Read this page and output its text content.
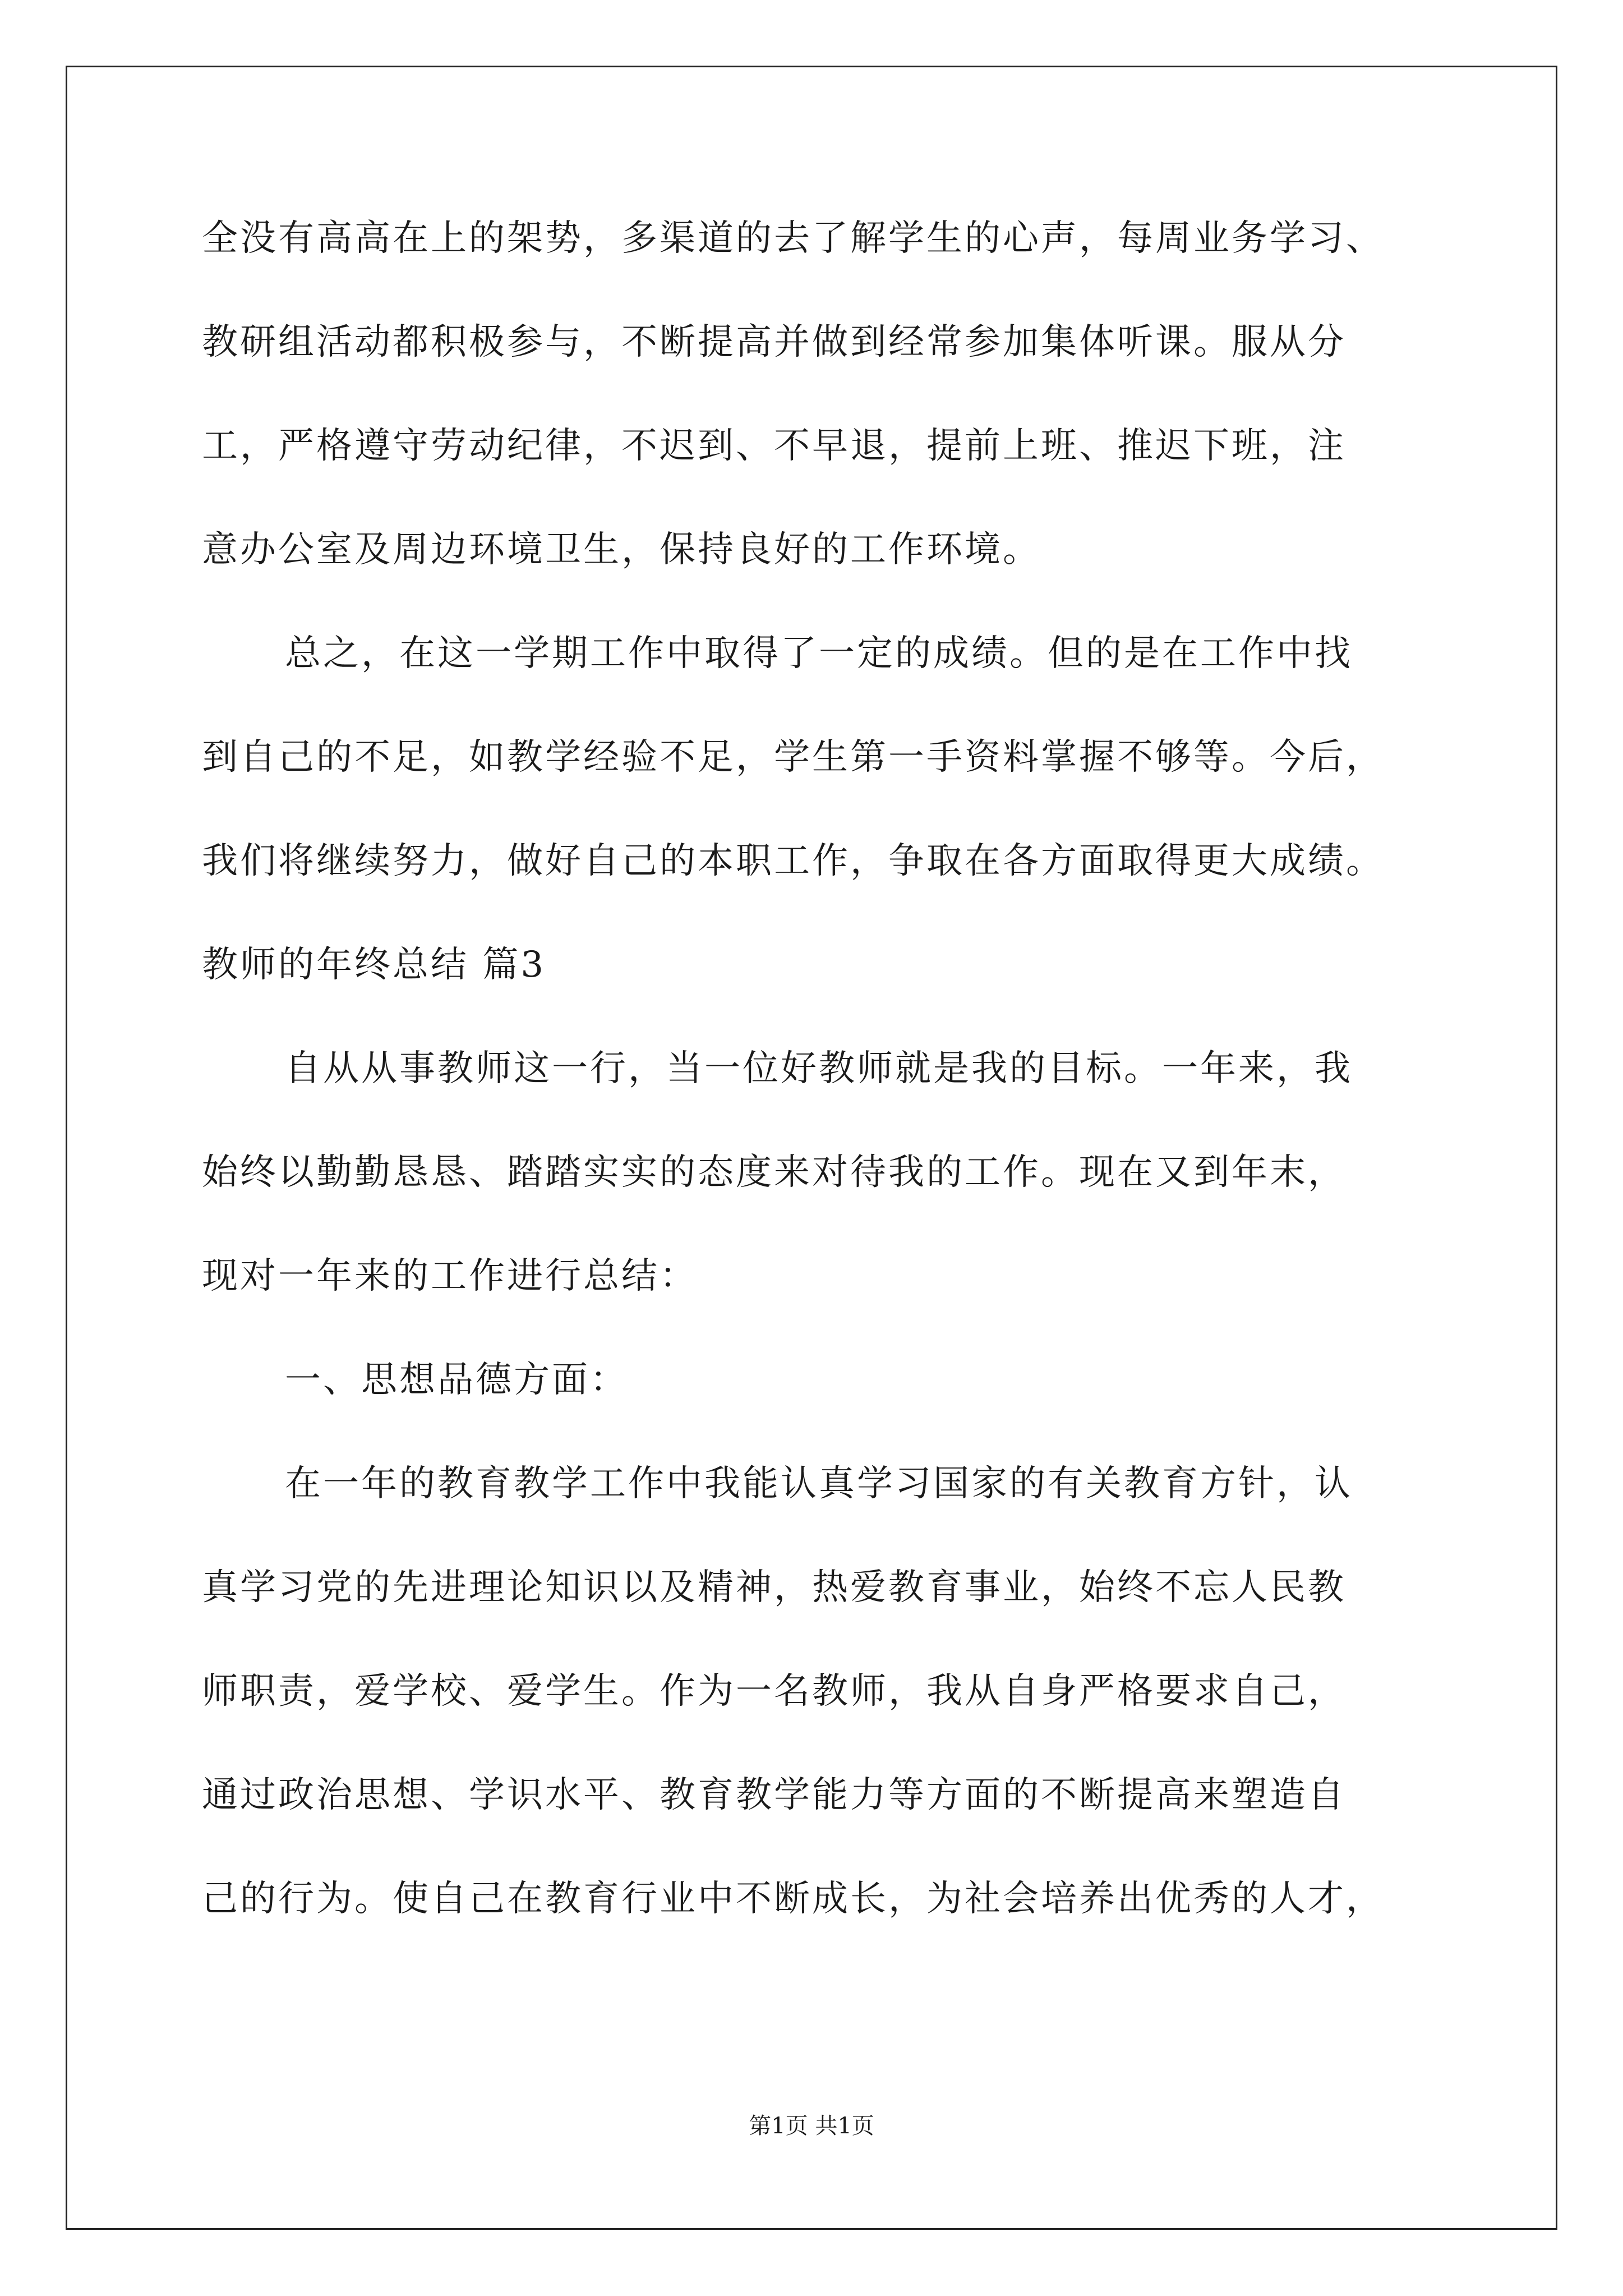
全没有高高在上的架势，多渠道的去了解学生的心声，每周业务学习、
教研组活动都积极参与，不断提高并做到经常参加集体听课。服从分
工，严格遵守劳动纪律，不迟到、不早退，提前上班、推迟下班，注
意办公室及周边环境卫生，保持良好的工作环境。
总之，在这一学期工作中取得了一定的成绩。但的是在工作中找
到自己的不足，如教学经验不足，学生第一手资料掌握不够等。今后，
我们将继续努力，做好自己的本职工作，争取在各方面取得更大成绩。
教师的年终总结 篇3
自从从事教师这一行，当一位好教师就是我的目标。一年来，我
始终以勤勤恳恳、踏踏实实的态度来对待我的工作。现在又到年末，
现对一年来的工作进行总结：
一、思想品德方面：
在一年的教育教学工作中我能认真学习国家的有关教育方针，认
真学习党的先进理论知识以及精神，热爱教育事业，始终不忘人民教
师职责，爱学校、爱学生。作为一名教师，我从自身严格要求自己，
通过政治思想、学识水平、教育教学能力等方面的不断提高来塑造自
己的行为。使自己在教育行业中不断成长，为社会培养出优秀的人才，
第1页 共1页
